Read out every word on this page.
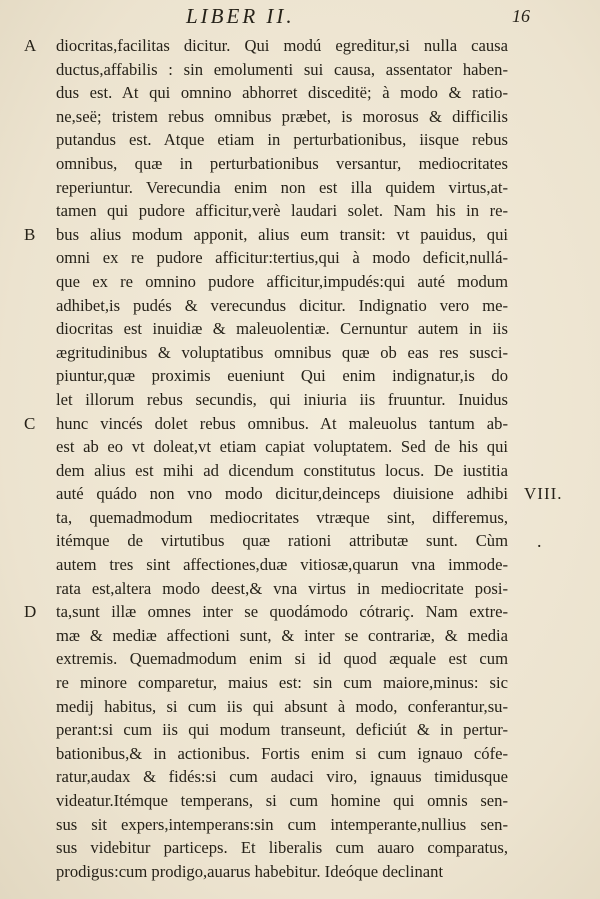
LIBER II.	16
diocritas,facilitas dicitur. Qui modú egreditur,si nulla causa
ductus,affabilis : sin emolumenti sui causa, assentator haben-
dus est. At qui omnino abhorret disceditë; à modo & ratio-
ne,seë; tristem rebus omnibus præbet, is morosus & difficilis
putandus est. Atque etiam in perturbationibus, iisque rebus
omnibus, quæ in perturbationibus versantur, mediocritates
reperiuntur. Verecundia enim non est illa quidem virtus,at-
tamen qui pudore afficitur,verè laudari solet. Nam his in re-
bus alius modum apponit, alius eum transit: vt pauidus, qui
omni ex re pudore afficitur:tertius,qui à modo deficit,nullá-
que ex re omnino pudore afficitur,impudés:qui auté modum
adhibet,is pudés & verecundus dicitur. Indignatio vero me-
diocritas est inuidiæ & maleuolentiæ. Cernuntur autem in iis
ægritudinibus & voluptatibus omnibus quæ ob eas res susci-
piuntur,quæ proximis eueniunt Qui enim indignatur,is do
let illorum rebus secundis, qui iniuria iis fruuntur. Inuidus
hunc vincés dolet rebus omnibus. At maleuolus tantum ab-
est ab eo vt doleat,vt etiam capiat voluptatem. Sed de his qui
dem alius est mihi ad dicendum constitutus locus. De iustitia
auté quádo non vno modo dicitur,deinceps diuisione adhibi
ta, quemadmodum mediocritates vtræque sint, differemus,
itémque de virtutibus quæ rationi attributæ sunt. Cùm
autem tres sint affectiones,duæ vitiosæ,quarun vna immode-
rata est,altera modo deest,& vna virtus in mediocritate posi-
ta,sunt illæ omnes inter se quodámodo cótrariç. Nam extre-
mæ & mediæ affectioni sunt, & inter se contrariæ, & media
extremis. Quemadmodum enim si id quod æquale est cum
re minore comparetur, maius est: sin cum maiore,minus: sic
medij habitus, si cum iis qui absunt à modo, conferantur,su-
perant:si cum iis qui modum transeunt, deficiút & in pertur-
bationibus,& in actionibus. Fortis enim si cum ignauo cófe-
ratur,audax & fidés:si cum audaci viro, ignauus timidusque
videatur.Itémque temperans, si cum homine qui omnis sen-
sus sit expers,intemperans:sin cum intemperante,nullius sen-
sus videbitur particeps. Et liberalis cum auaro comparatus,
prodigus:cum prodigo,auarus habebitur. Ideóque declinant
A
B
C
D
VIII.
.
